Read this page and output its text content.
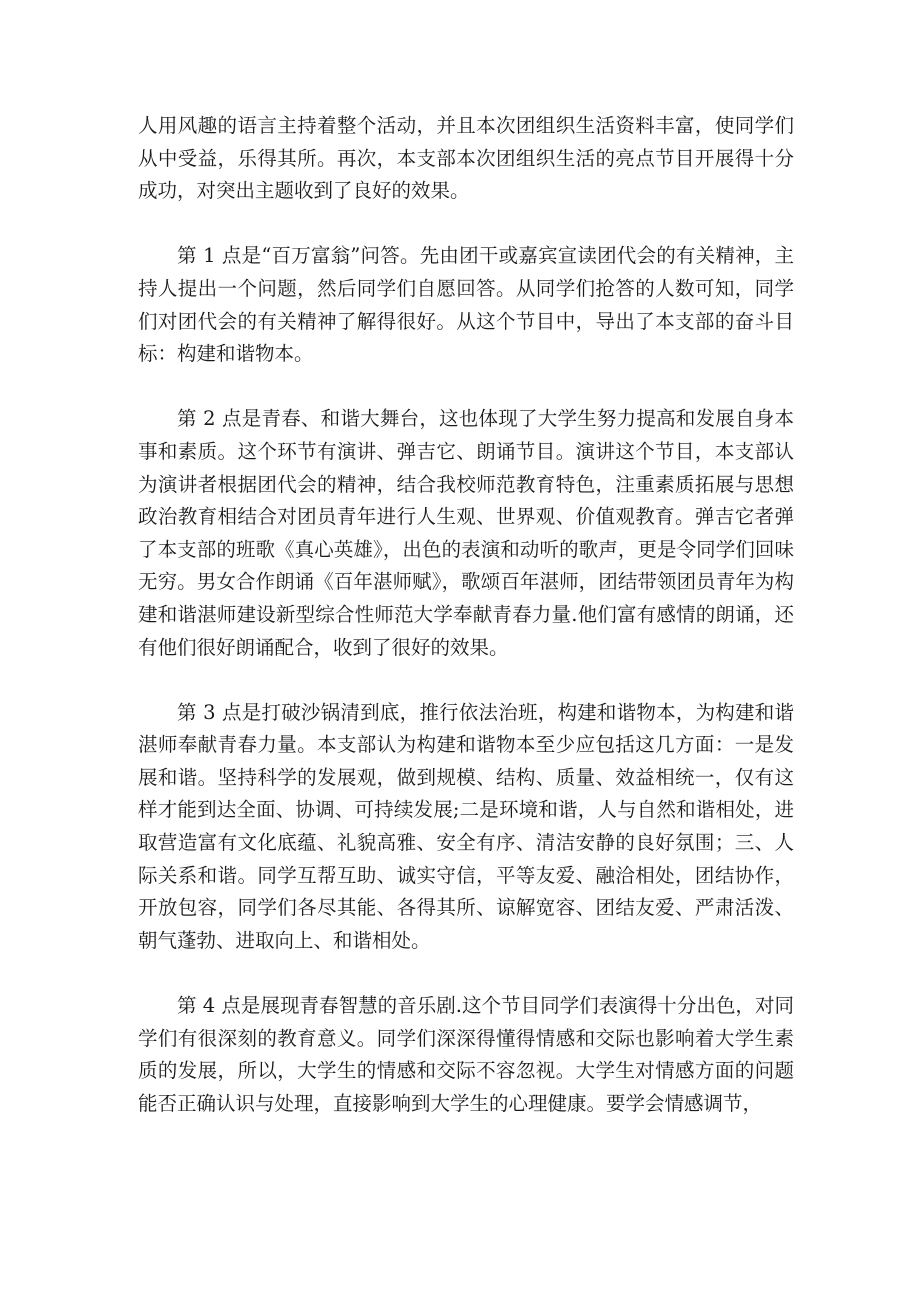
人用风趣的语言主持着整个活动，并且本次团组织生活资料丰富，使同学们从中受益，乐得其所。再次，本支部本次团组织生活的亮点节目开展得十分成功，对突出主题收到了良好的效果。

第 1 点是“百万富翁”问答。先由团干或嘉宾宣读团代会的有关精神，主持人提出一个问题，然后同学们自愿回答。从同学们抢答的人数可知，同学们对团代会的有关精神了解得很好。从这个节目中，导出了本支部的奋斗目标：构建和谐物本。

第 2 点是青春、和谐大舞台，这也体现了大学生努力提高和发展自身本事和素质。这个环节有演讲、弹吉它、朗诵节目。演讲这个节目，本支部认为演讲者根据团代会的精神，结合我校师范教育特色，注重素质拓展与思想政治教育相结合对团员青年进行人生观、世界观、价值观教育。弹吉它者弹了本支部的班歌《真心英雄》，出色的表演和动听的歌声，更是令同学们回味无穷。男女合作朗诵《百年湛师赋》，歌颂百年湛师，团结带领团员青年为构建和谐湛师建设新型综合性师范大学奉献青春力量.他们富有感情的朗诵，还有他们很好朗诵配合，收到了很好的效果。

第 3 点是打破沙锅清到底，推行依法治班，构建和谐物本，为构建和谐湛师奉献青春力量。本支部认为构建和谐物本至少应包括这几方面：一是发展和谐。坚持科学的发展观，做到规模、结构、质量、效益相统一，仅有这样才能到达全面、协调、可持续发展;二是环境和谐，人与自然和谐相处，进取营造富有文化底蕴、礼貌高雅、安全有序、清洁安静的良好氛围；三、人际关系和谐。同学互帮互助、诚实守信，平等友爱、融洽相处，团结协作，开放包容，同学们各尽其能、各得其所、谅解宽容、团结友爱、严肃活泼、朝气蓬勃、进取向上、和谐相处。

第 4 点是展现青春智慧的音乐剧.这个节目同学们表演得十分出色，对同学们有很深刻的教育意义。同学们深深得懂得情感和交际也影响着大学生素质的发展，所以，大学生的情感和交际不容忽视。大学生对情感方面的问题能否正确认识与处理，直接影响到大学生的心理健康。要学会情感调节，
